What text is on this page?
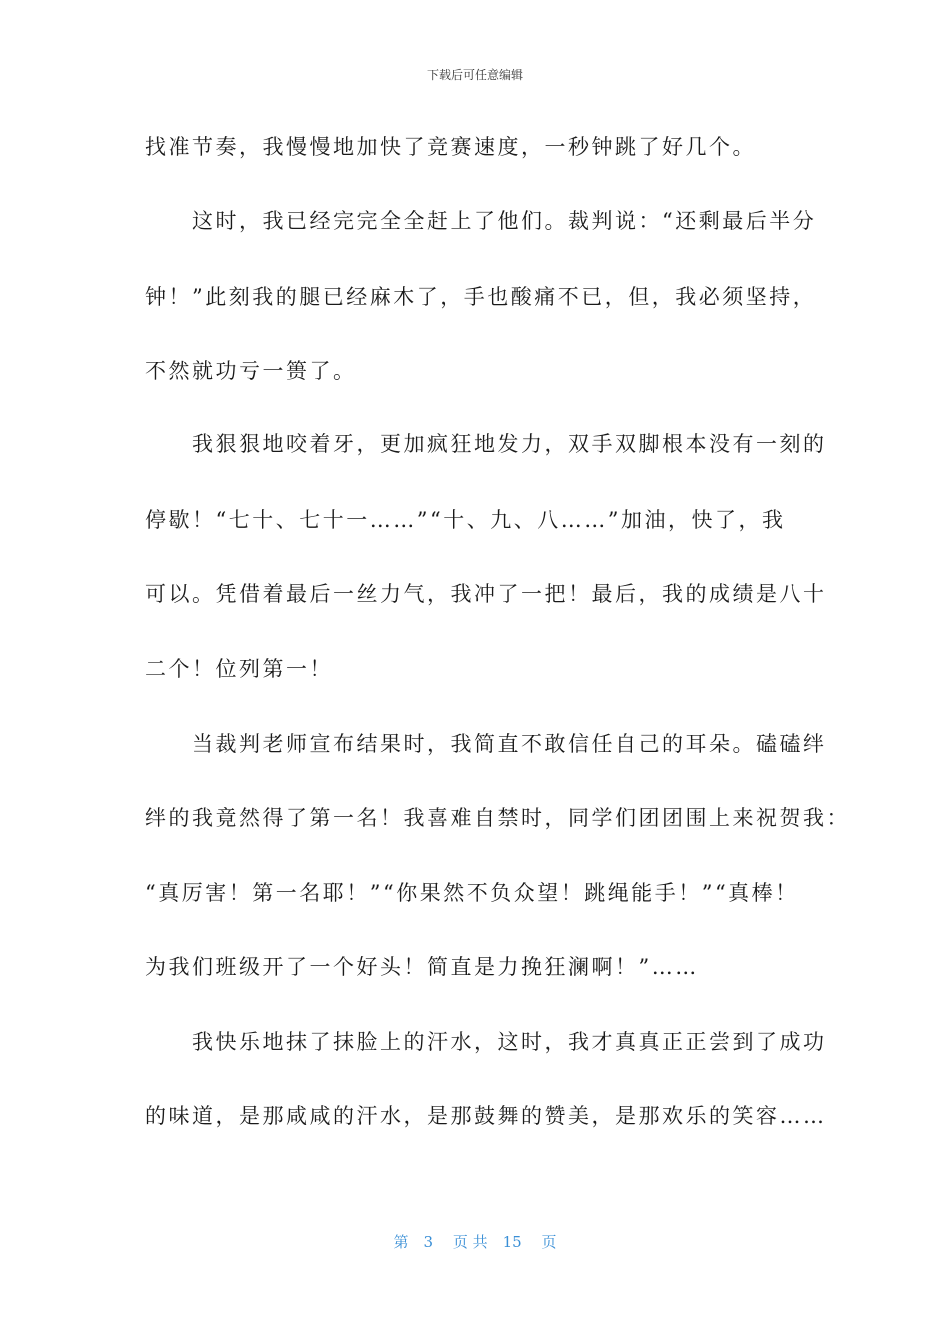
下载后可任意编辑
找准节奏，我慢慢地加快了竞赛速度，一秒钟跳了好几个。
　　这时，我已经完完全全赶上了他们。裁判说：“还剩最后半分
钟！”此刻我的腿已经麻木了，手也酸痛不已，但，我必须坚持，
不然就功亏一篑了。
　　我狠狠地咬着牙，更加疯狂地发力，双手双脚根本没有一刻的
停歇！“七十、七十一……”“十、九、八……”加油，快了，我
可以。凭借着最后一丝力气，我冲了一把！最后，我的成绩是八十
二个！位列第一！
　　当裁判老师宣布结果时，我简直不敢信任自己的耳朵。磕磕绊
绊的我竟然得了第一名！我喜难自禁时，同学们团团围上来祝贺我：
“真厉害！第一名耶！”“你果然不负众望！跳绳能手！”“真棒！
为我们班级开了一个好头！简直是力挽狂澜啊！”……
　　我快乐地抹了抹脸上的汗水，这时，我才真真正正尝到了成功
的味道，是那咸咸的汗水，是那鼓舞的赞美，是那欢乐的笑容……
第　3　 页 共　15　 页
